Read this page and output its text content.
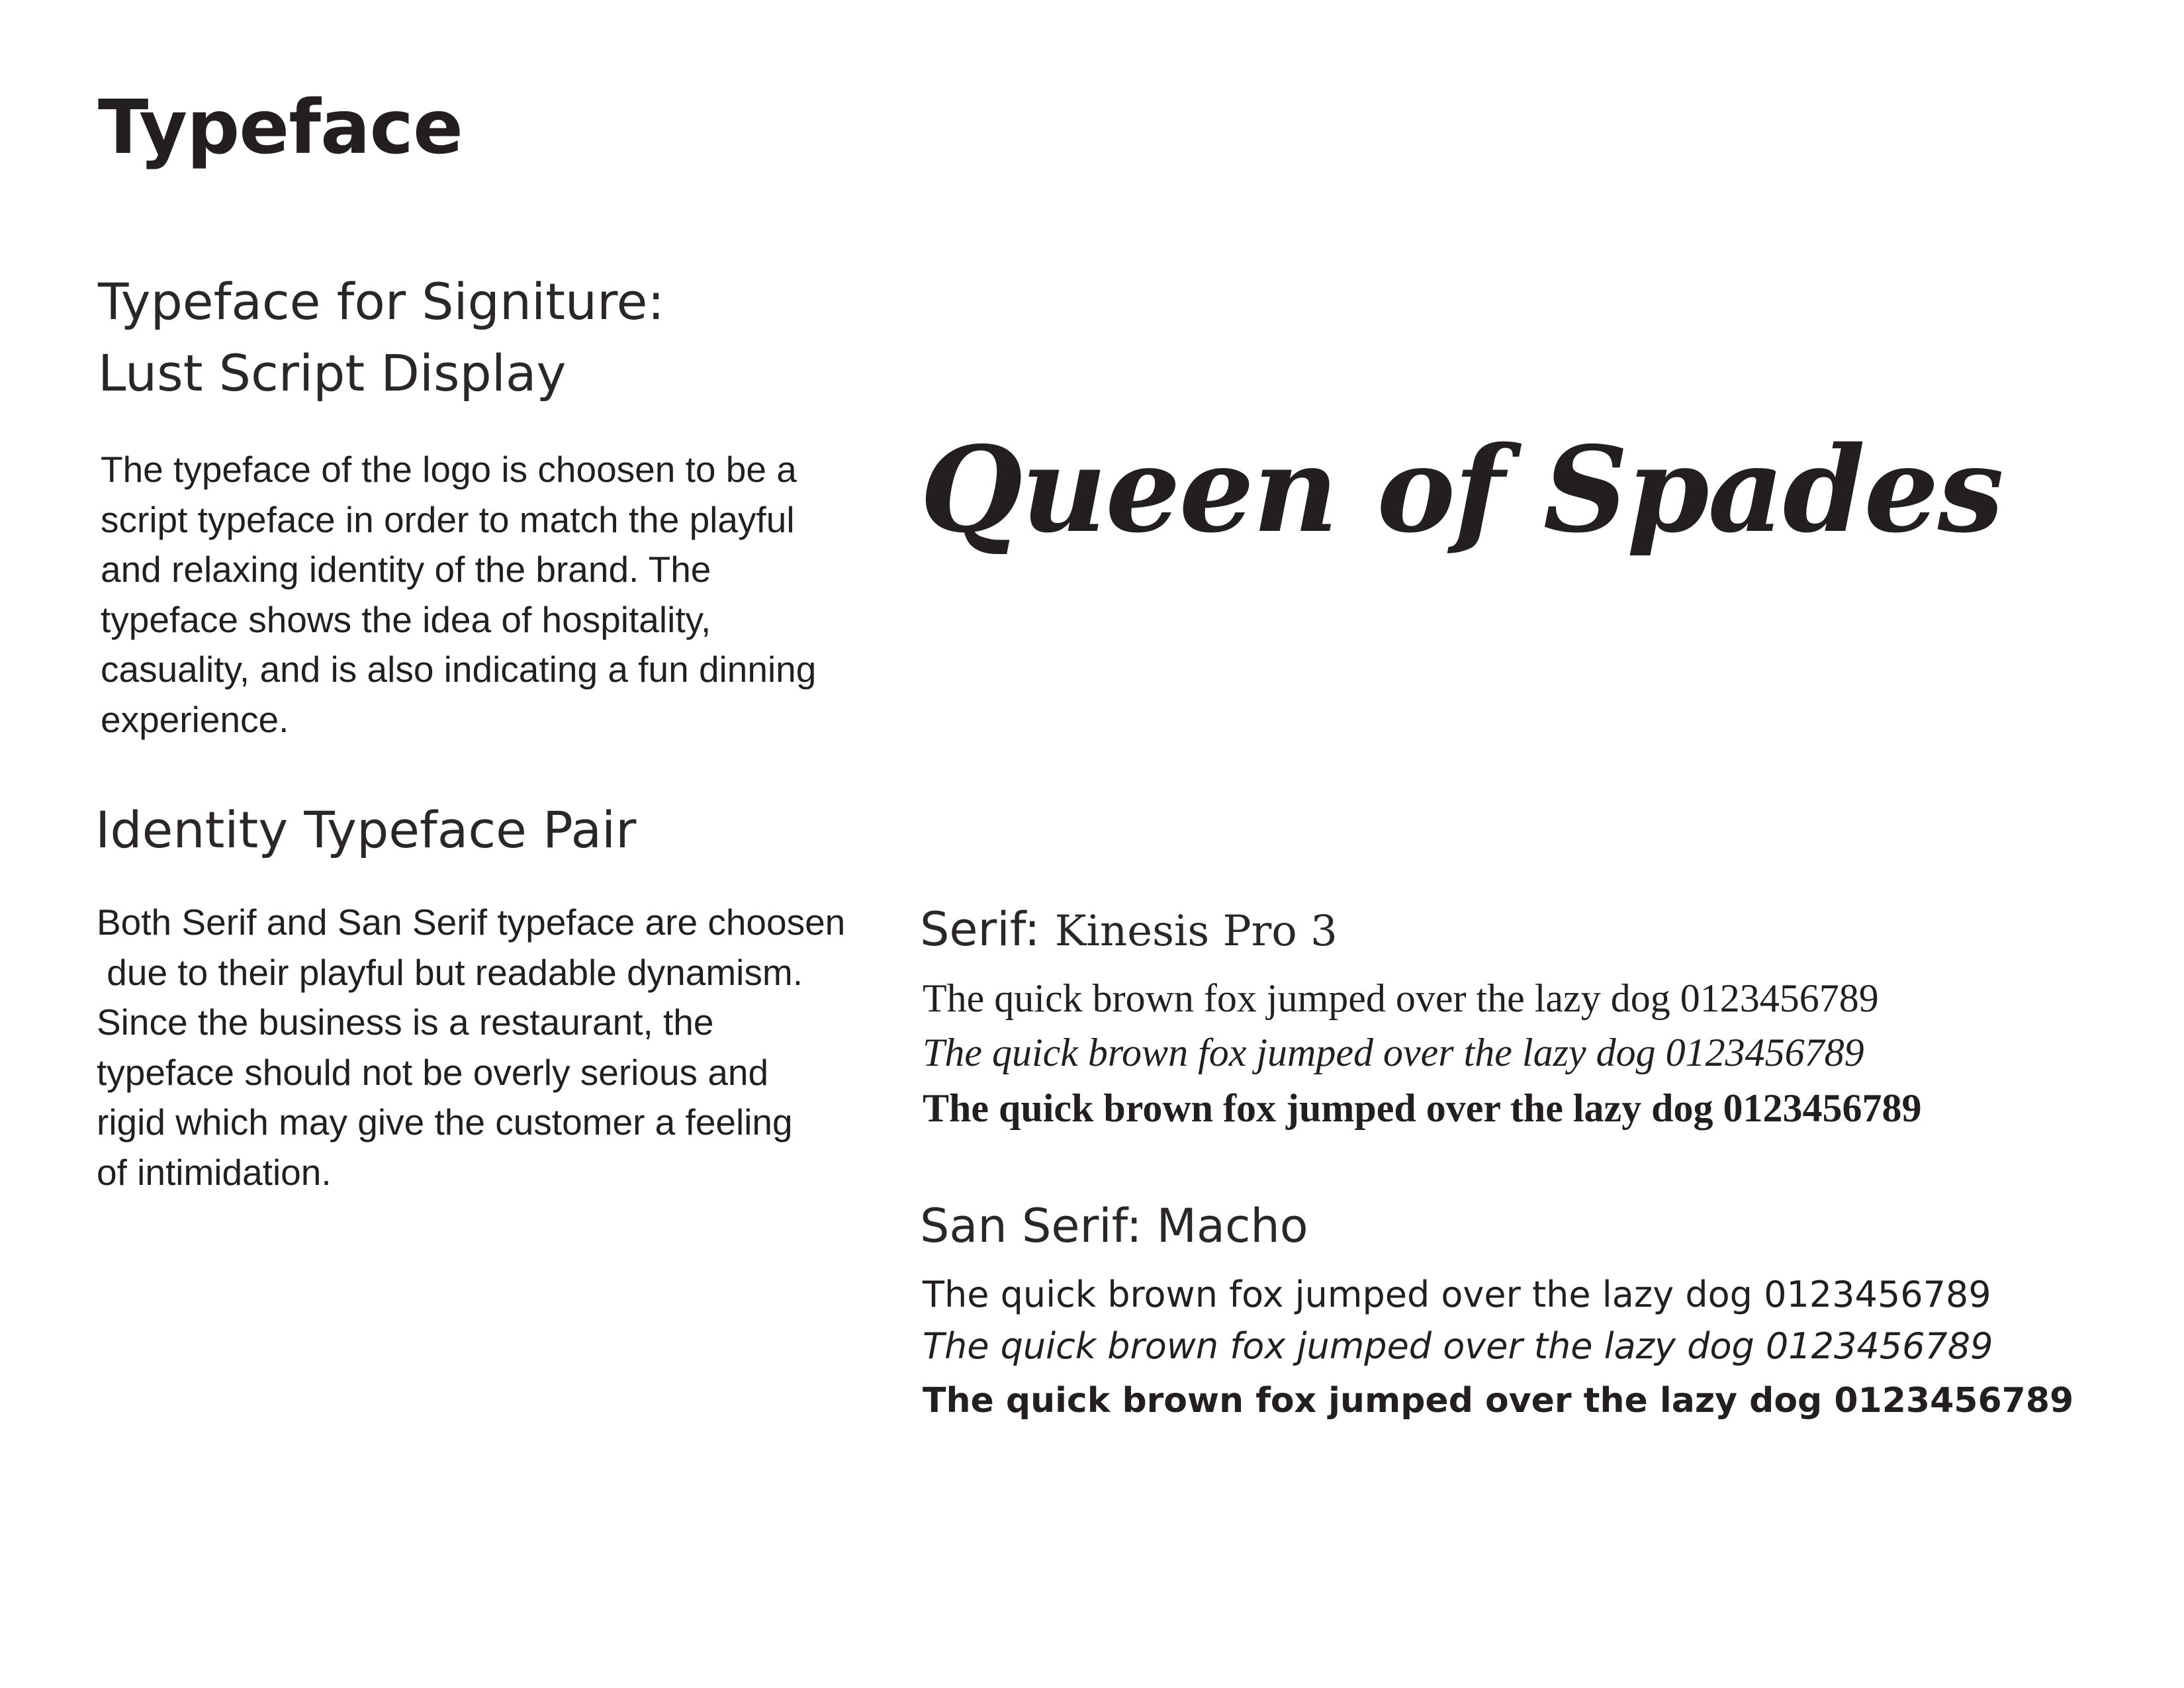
Typeface
Typeface for Signiture:
Lust Script Display
The typeface of the logo is choosen to be a
script typeface in order to match the playful
and relaxing identity of the brand. The
typeface shows the idea of hospitality,
casuality, and is also indicating a fun dinning
experience.
Queen of Spades
Identity Typeface Pair
Both Serif and San Serif typeface are choosen
due to their playful but readable dynamism.
Since the business is a restaurant, the
typeface should not be overly serious and
rigid which may give the customer a feeling
of intimidation.
Serif: Kinesis Pro 3
The quick brown fox jumped over the lazy dog 0123456789
The quick brown fox jumped over the lazy dog 0123456789
The quick brown fox jumped over the lazy dog 0123456789
San Serif: Macho
The quick brown fox jumped over the lazy dog 0123456789
The quick brown fox jumped over the lazy dog 0123456789
The quick brown fox jumped over the lazy dog 0123456789
